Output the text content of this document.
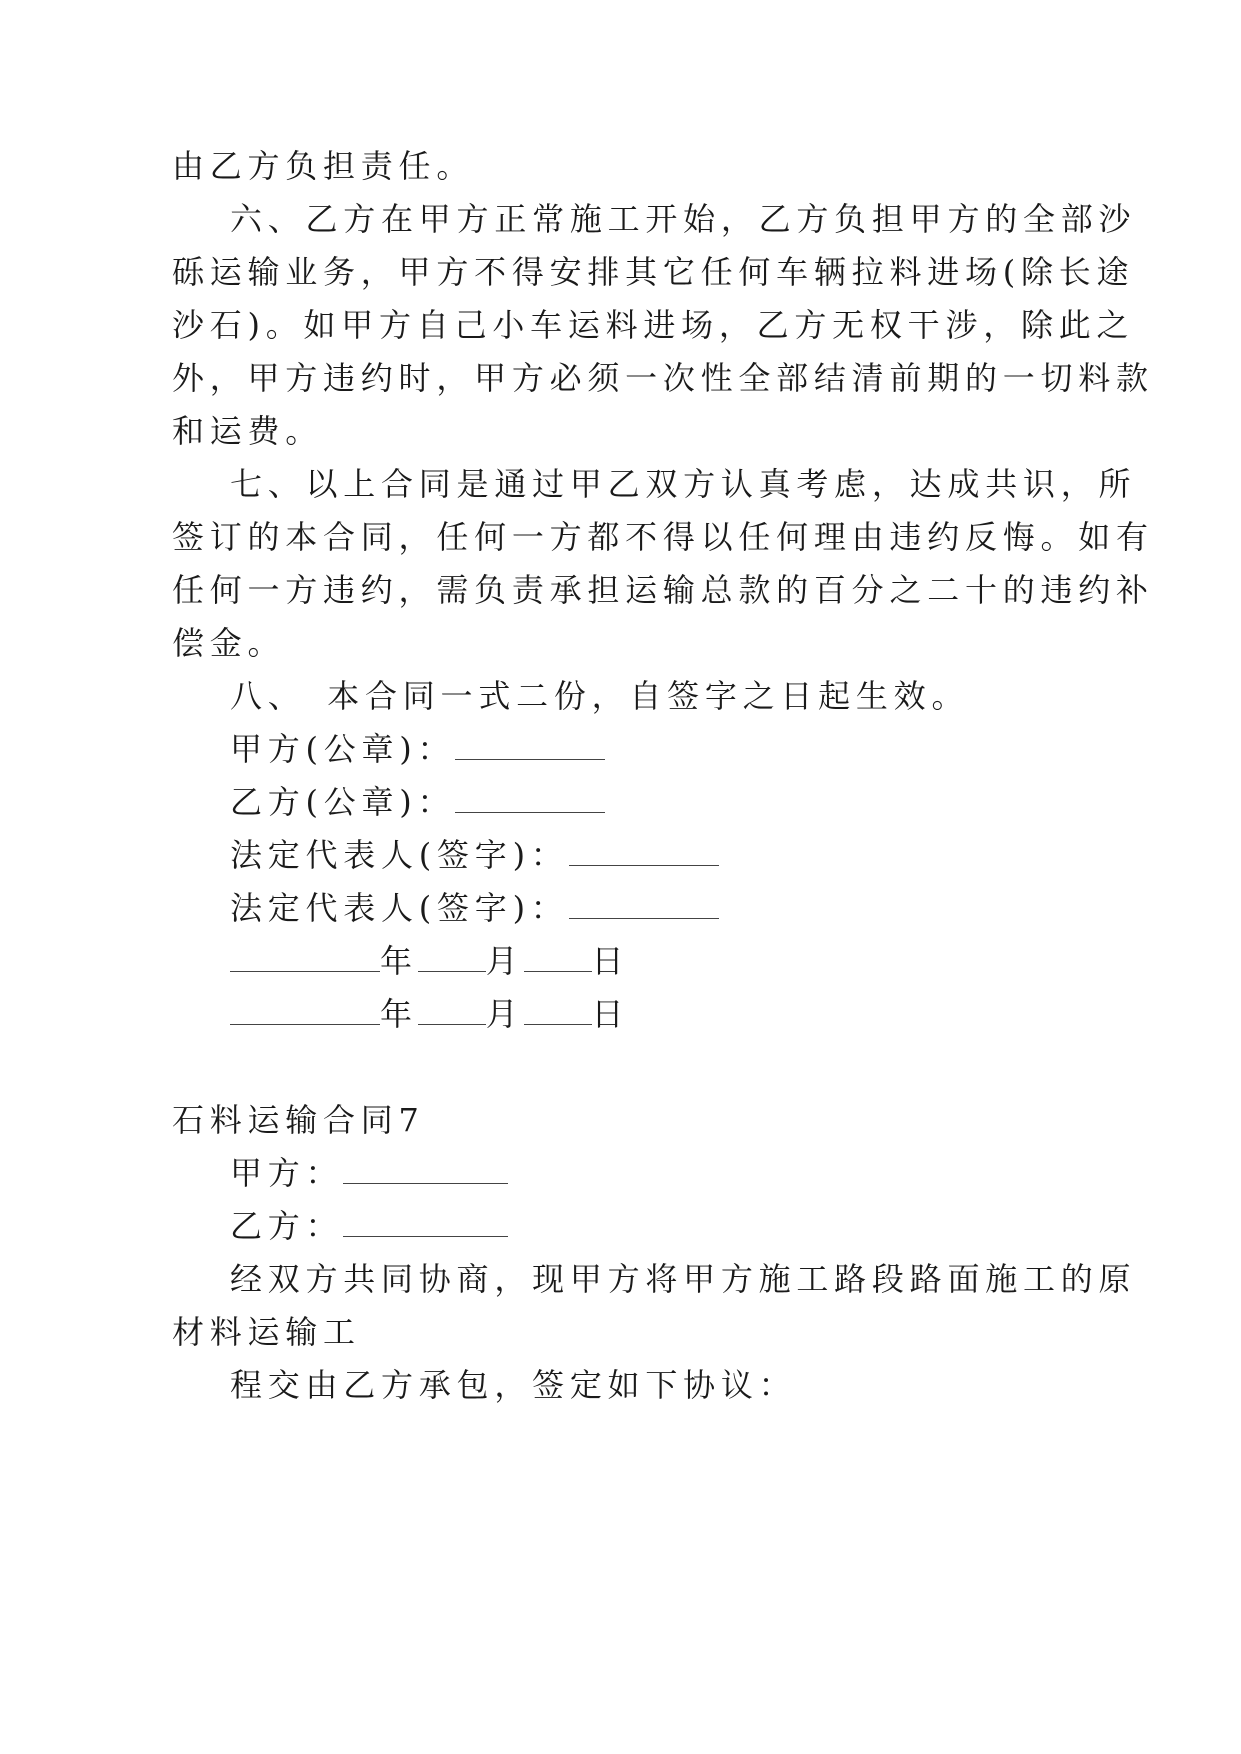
由乙方负担责任。
六、乙方在甲方正常施工开始，乙方负担甲方的全部沙
砾运输业务，甲方不得安排其它任何车辆拉料进场(除长途
沙石)。如甲方自己小车运料进场，乙方无权干涉，除此之
外，甲方违约时，甲方必须一次性全部结清前期的一切料款
和运费。
七、以上合同是通过甲乙双方认真考虑，达成共识，所
签订的本合同，任何一方都不得以任何理由违约反悔。如有
任何一方违约，需负责承担运输总款的百分之二十的违约补
偿金。
八、　本合同一式二份，自签字之日起生效。
甲方(公章)：
乙方(公章)：
法定代表人(签字)：
法定代表人(签字)：
年 月 日
年 月 日
石料运输合同7
甲方：
乙方：
经双方共同协商，现甲方将甲方施工路段路面施工的原
材料运输工
程交由乙方承包，签定如下协议：
